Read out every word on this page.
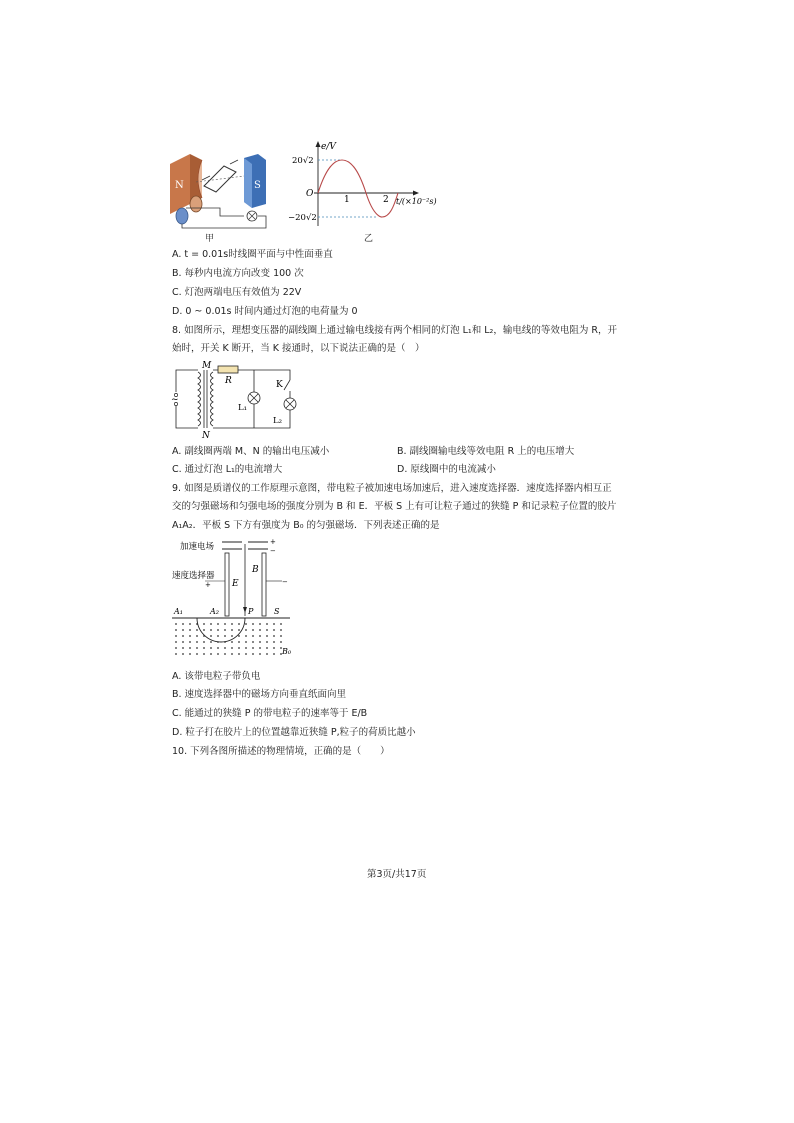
N	S
甲
e/V
20√2
−20√2
O
1	2 t/(×10⁻²s)
乙
A. t = 0.01s时线圈平面与中性面垂直
B. 每秒内电流方向改变 100 次
C. 灯泡两端电压有效值为 22V
D. 0 ~ 0.01s 时间内通过灯泡的电荷量为 0
8. 如图所示，理想变压器的副线圈上通过输电线接有两个相同的灯泡 L₁和 L₂，输电线的等效电阻为 R，开
始时，开关 K 断开，当 K 接通时，以下说法正确的是（　）
~
M
N
R	K
L₁
L₂
A. 副线圈两端 M、N 的输出电压减小	B. 副线圈输电线等效电阻 R 上的电压增大
C. 通过灯泡 L₁的电流增大	D. 原线圈中的电流减小
9. 如图是质谱仪的工作原理示意图，带电粒子被加速电场加速后，进入速度选择器．速度选择器内相互正
交的匀强磁场和匀强电场的强度分别为 B 和 E．平板 S 上有可让粒子通过的狭缝 P 和记录粒子位置的胶片
A₁A₂．平板 S 下方有强度为 B₀ 的匀强磁场．下列表述正确的是
+
−
加速电场
速度选择器
+	−
E
B
A₁	A₂	P	S
B₀
A. 该带电粒子带负电
B. 速度选择器中的磁场方向垂直纸面向里
C. 能通过的狭缝 P 的带电粒子的速率等于 E/B
D. 粒子打在胶片上的位置越靠近狭缝 P,粒子的荷质比越小
10. 下列各图所描述的物理情境，正确的是（　　）
第3页/共17页
